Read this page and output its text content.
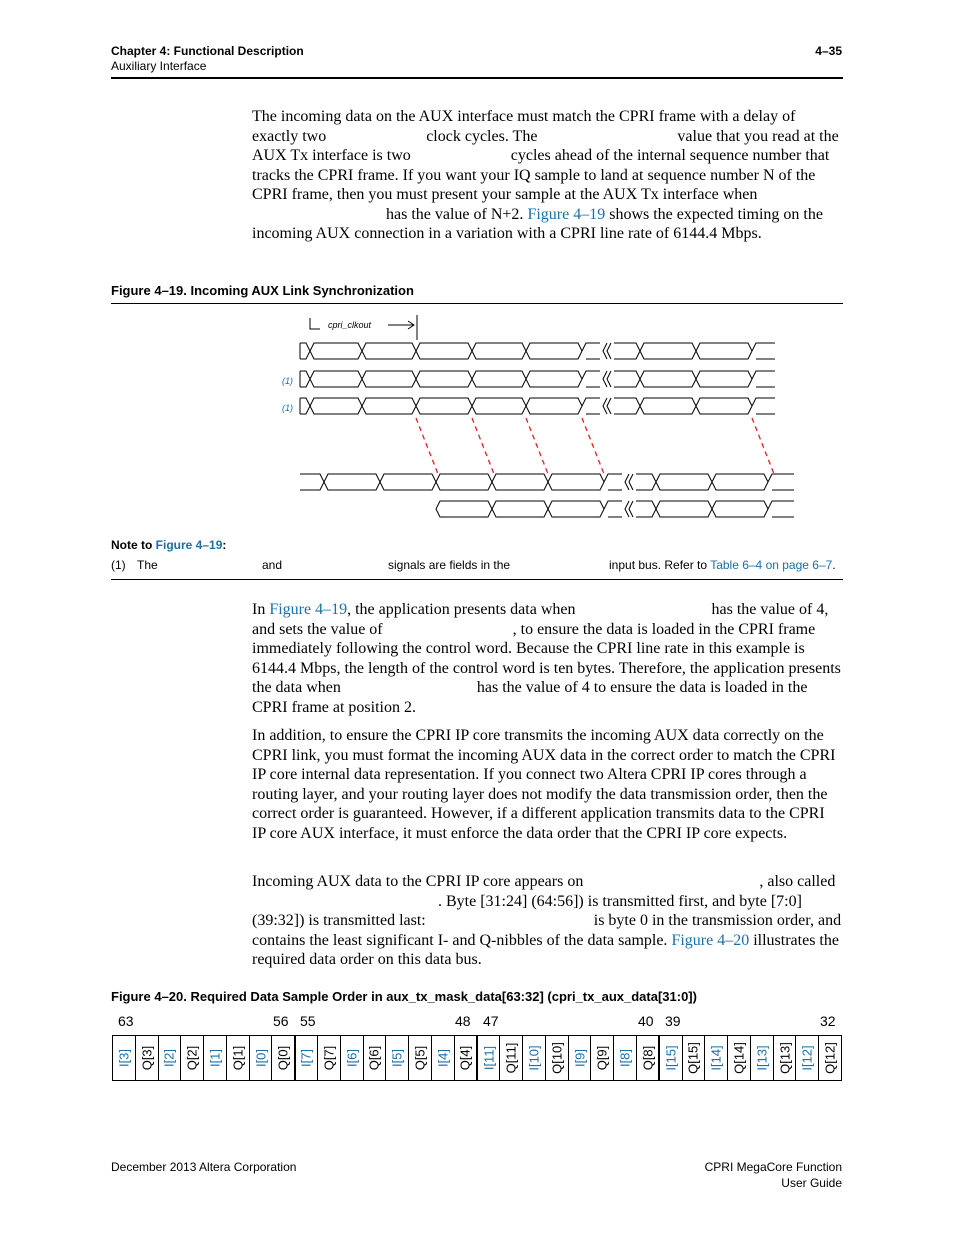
Chapter 4: Functional Description
Auxiliary Interface
4–35

The incoming data on the AUX interface must match the CPRI frame with a delay of exactly two	clock cycles. The	value that you read at the AUX Tx interface is two	cycles ahead of the internal sequence number that tracks the CPRI frame. If you want your IQ sample to land at sequence number N of the CPRI frame, then you must present your sample at the AUX Tx interface when  has the value of N+2. Figure 4–19 shows the expected timing on the incoming AUX connection in a variation with a CPRI line rate of 6144.4 Mbps.

Figure 4–19. Incoming AUX Link Synchronization
cpri_clkout
(1)
(1)
Note to Figure 4–19:
(1) The	and	signals are fields in the	input bus. Refer to Table 6–4 on page 6–7.

In Figure 4–19, the application presents data when	has the value of 4, and sets the value of	, to ensure the data is loaded in the CPRI frame immediately following the control word. Because the CPRI line rate in this example is 6144.4 Mbps, the length of the control word is ten bytes. Therefore, the application presents the data when	has the value of 4 to ensure the data is loaded in the CPRI frame at position 2.

In addition, to ensure the CPRI IP core transmits the incoming AUX data correctly on the CPRI link, you must format the incoming AUX data in the correct order to match the CPRI IP core internal data representation. If you connect two Altera CPRI IP cores through a routing layer, and your routing layer does not modify the data transmission order, then the correct order is guaranteed. However, if a different application transmits data to the CPRI IP core AUX interface, it must enforce the data order that the CPRI IP core expects.

Incoming AUX data to the CPRI IP core appears on	, also called . Byte [31:24] (64:56]) is transmitted first, and byte [7:0] (39:32]) is transmitted last:	is byte 0 in the transmission order, and contains the least significant I- and Q-nibbles of the data sample. Figure 4–20 illustrates the required data order on this data bus.

Figure 4–20. Required Data Sample Order in aux_tx_mask_data[63:32] (cpri_tx_aux_data[31:0])
63	56 55	48 47	40 39	32
I[3]	Q[3]	I[2]	Q[2]	I[1]	Q[1]	I[0]	Q[0]	I[7]	Q[7]	I[6]	Q[6]	I[5]	Q[5]	I[4]	Q[4]	I[11]	Q[11]	I[10]	Q[10]	I[9]	Q[9]	I[8]	Q[8]	I[15]	Q[15]	I[14]	Q[14]	I[13]	Q[13]	I[12]	Q[12]
December 2013 Altera Corporation	CPRI MegaCore Function
User Guide
